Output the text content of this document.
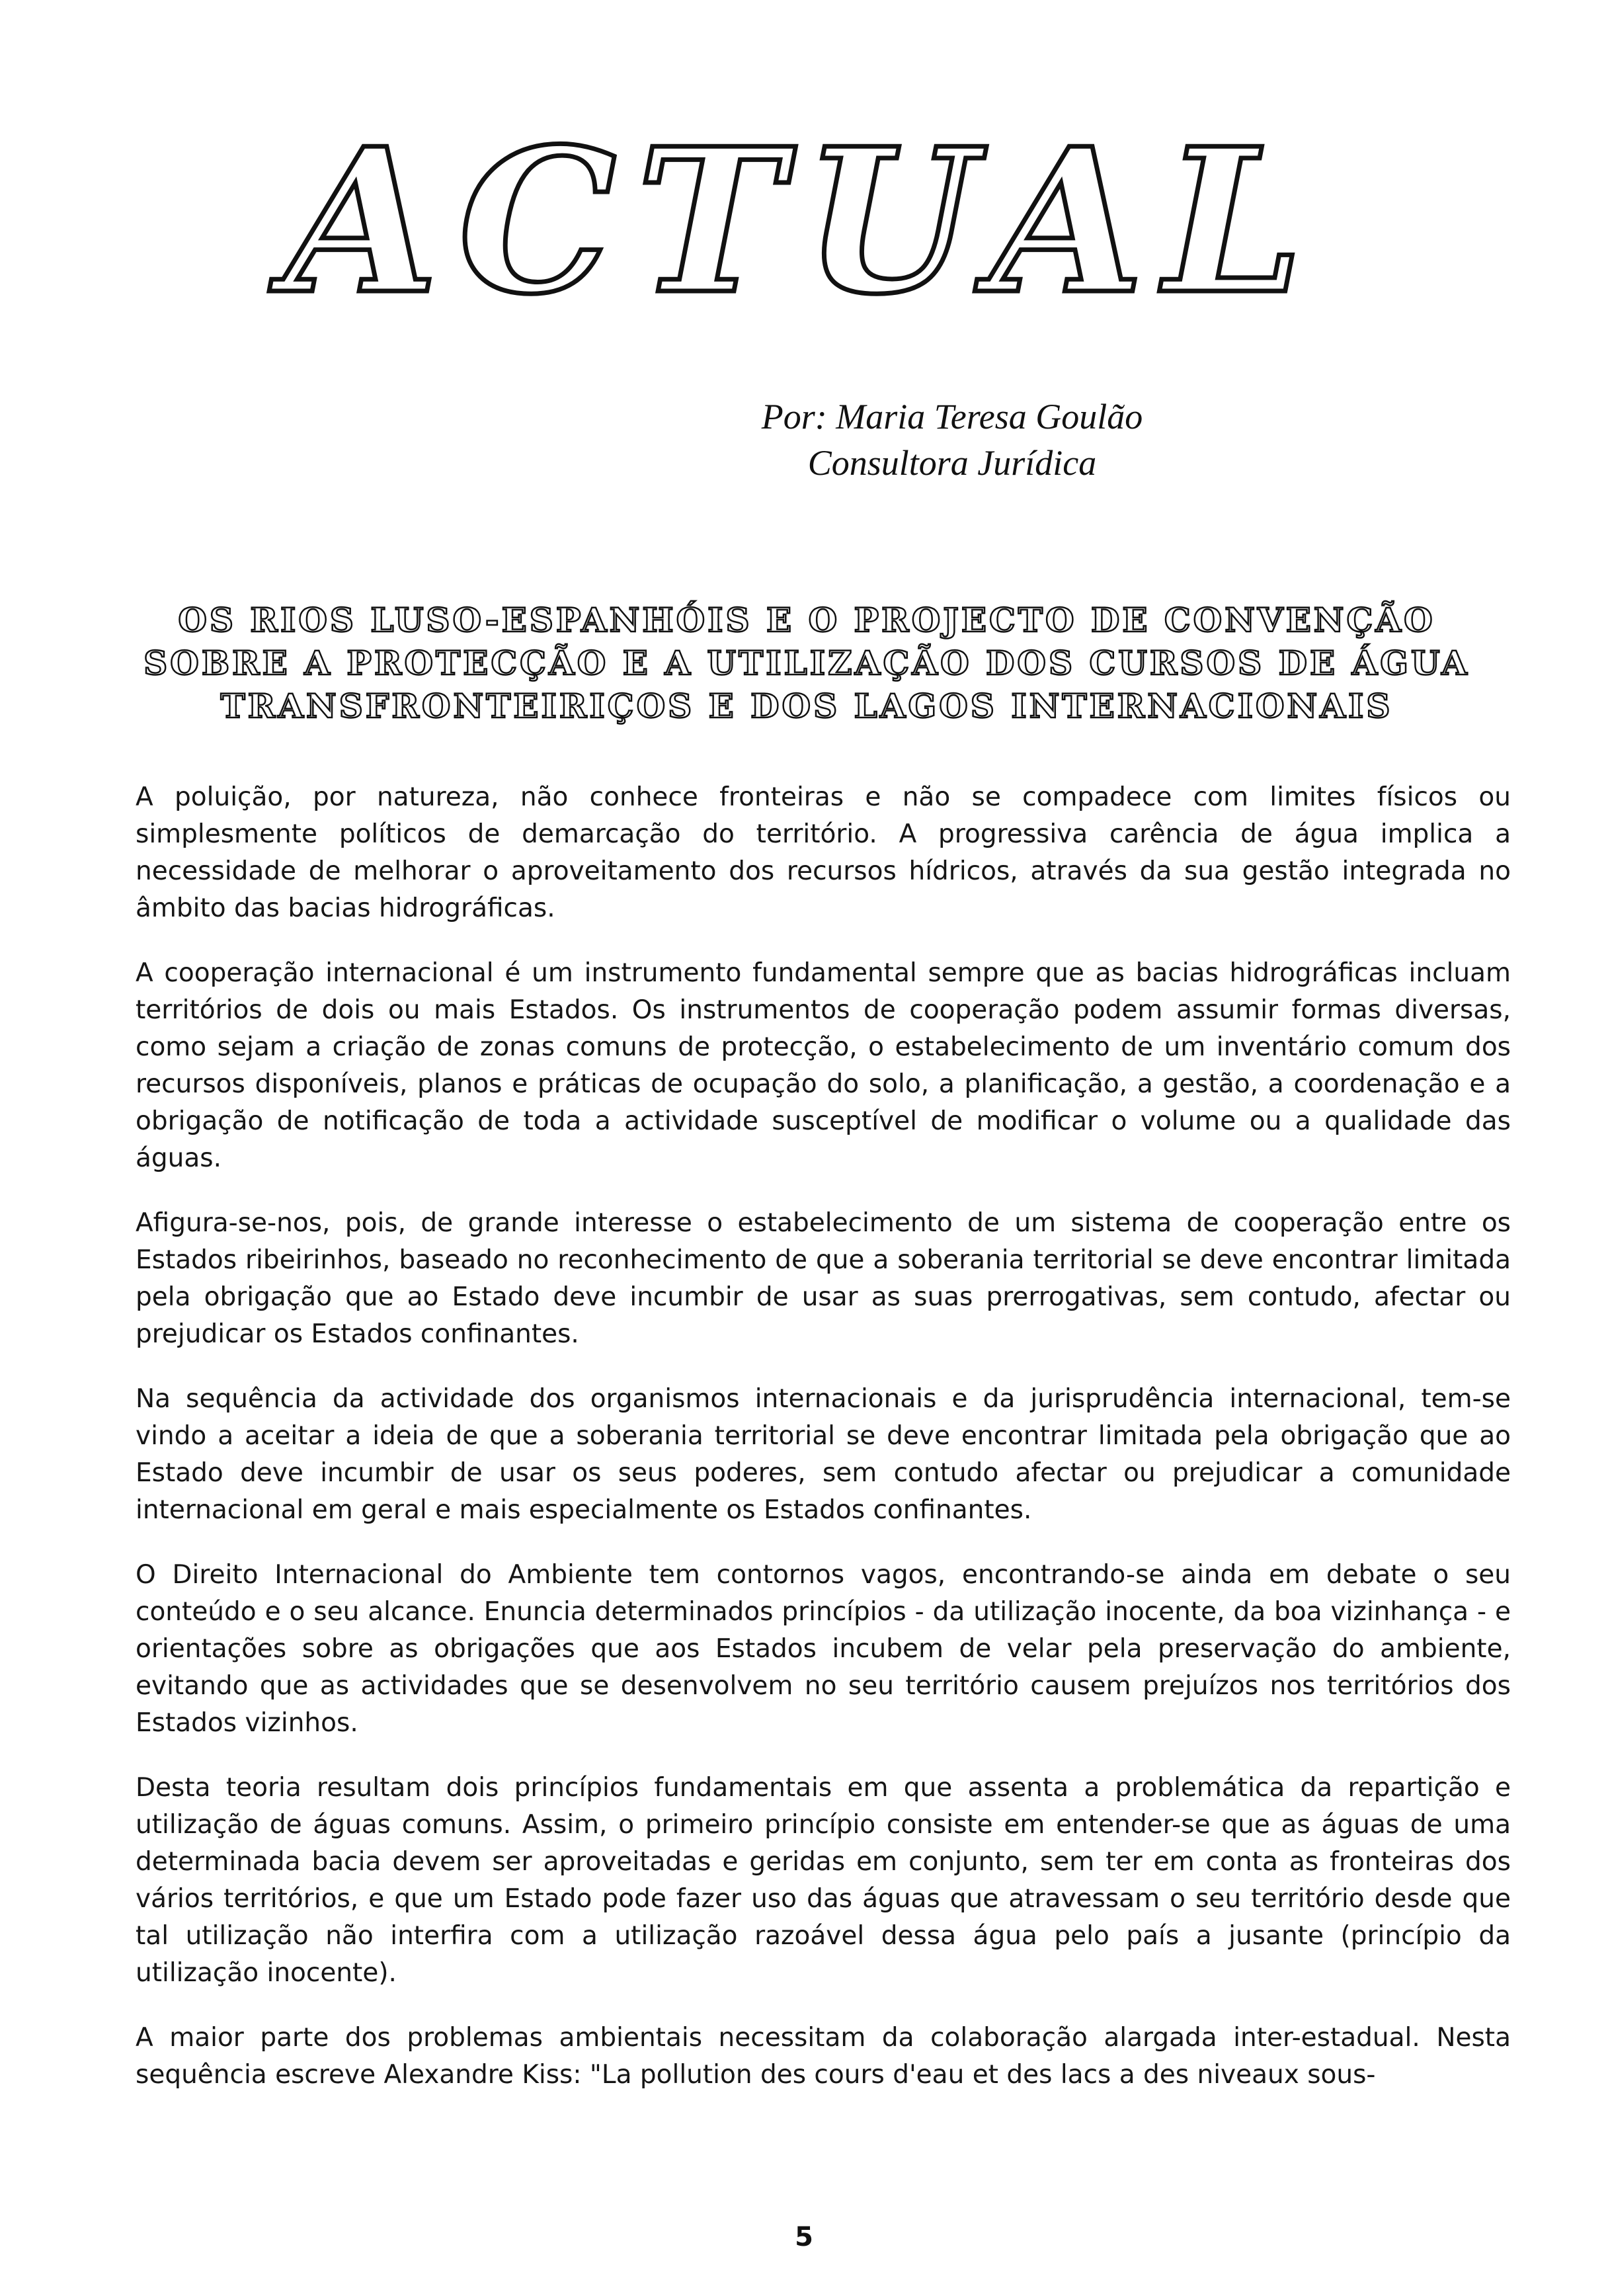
ACTUAL
Por: Maria Teresa Goulão
Consultora Jurídica
OS RIOS LUSO-ESPANHÓIS E O PROJECTO DE CONVENÇÃO
SOBRE A PROTECÇÃO E A UTILIZAÇÃO DOS CURSOS DE ÁGUA
TRANSFRONTEIRIÇOS E DOS LAGOS INTERNACIONAIS

A poluição, por natureza, não conhece fronteiras e não se compadece com limites físicos ou simplesmente políticos de demarcação do território. A progressiva carência de água implica a necessidade de melhorar o aproveitamento dos recursos hídricos, através da sua gestão integrada no âmbito das bacias hidrográficas.

A cooperação internacional é um instrumento fundamental sempre que as bacias hidrográficas incluam territórios de dois ou mais Estados. Os instrumentos de cooperação podem assumir formas diversas, como sejam a criação de zonas comuns de protecção, o estabelecimento de um inventário comum dos recursos disponíveis, planos e práticas de ocupação do solo, a planificação, a gestão, a coordenação e a obrigação de notificação de toda a actividade susceptível de modificar o volume ou a qualidade das águas.

Afigura-se-nos, pois, de grande interesse o estabelecimento de um sistema de cooperação entre os Estados ribeirinhos, baseado no reconhecimento de que a soberania territorial se deve encontrar limitada pela obrigação que ao Estado deve incumbir de usar as suas prerrogativas, sem contudo, afectar ou prejudicar os Estados confinantes.

Na sequência da actividade dos organismos internacionais e da jurisprudência internacional, tem-se vindo a aceitar a ideia de que a soberania territorial se deve encontrar limitada pela obrigação que ao Estado deve incumbir de usar os seus poderes, sem contudo afectar ou prejudicar a comunidade internacional em geral e mais especialmente os Estados confinantes.

O Direito Internacional do Ambiente tem contornos vagos, encontrando-se ainda em debate o seu conteúdo e o seu alcance. Enuncia determinados princípios - da utilização inocente, da boa vizinhança - e orientações sobre as obrigações que aos Estados incubem de velar pela preservação do ambiente, evitando que as actividades que se desenvolvem no seu território causem prejuízos nos territórios dos Estados vizinhos.

Desta teoria resultam dois princípios fundamentais em que assenta a problemática da repartição e utilização de águas comuns. Assim, o primeiro princípio consiste em entender-se que as águas de uma determinada bacia devem ser aproveitadas e geridas em conjunto, sem ter em conta as fronteiras dos vários territórios, e que um Estado pode fazer uso das águas que atravessam o seu território desde que tal utilização não interfira com a utilização razoável dessa água pelo país a jusante (princípio da utilização inocente).

A maior parte dos problemas ambientais necessitam da colaboração alargada inter-estadual. Nesta sequência escreve Alexandre Kiss: "La pollution des cours d'eau et des lacs a des niveaux sous-

5
